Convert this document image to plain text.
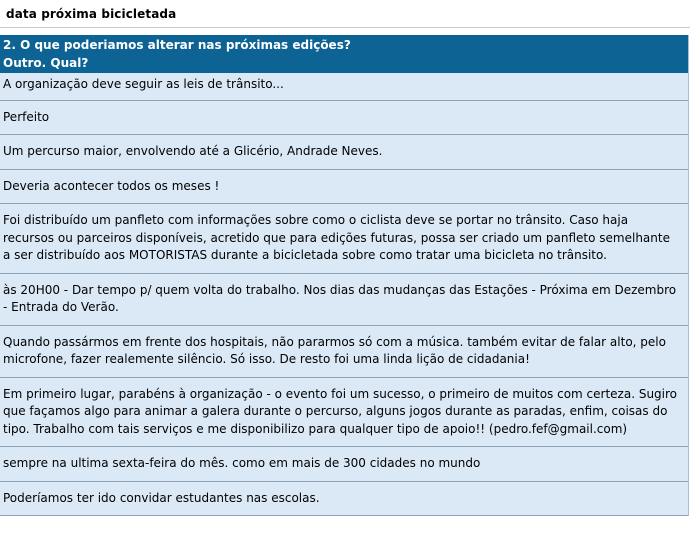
data próxima bicicletada
2. O que poderiamos alterar nas próximas edições?
Outro. Qual?
A organização deve seguir as leis de trânsito...
Perfeito
Um percurso maior, envolvendo até a Glicério, Andrade Neves.
Deveria acontecer todos os meses !
Foi distribuído um panfleto com informações sobre como o ciclista deve se portar no trânsito. Caso haja recursos ou parceiros disponíveis, acretido que para edições futuras, possa ser criado um panfleto semelhante a ser distribuído aos MOTORISTAS durante a bicicletada sobre como tratar uma bicicleta no trânsito.
às 20H00 - Dar tempo p/ quem volta do trabalho. Nos dias das mudanças das Estações - Próxima em Dezembro - Entrada do Verão.
Quando passármos em frente dos hospitais, não pararmos só com a música. também evitar de falar alto, pelo microfone, fazer realemente silêncio. Só isso. De resto foi uma linda lição de cidadania!
Em primeiro lugar, parabéns à organização - o evento foi um sucesso, o primeiro de muitos com certeza. Sugiro que façamos algo para animar a galera durante o percurso, alguns jogos durante as paradas, enfim, coisas do tipo. Trabalho com tais serviços e me disponibilizo para qualquer tipo de apoio!! (pedro.fef@gmail.com)
sempre na ultima sexta-feira do mês. como em mais de 300 cidades no mundo
Poderíamos ter ido convidar estudantes nas escolas.
